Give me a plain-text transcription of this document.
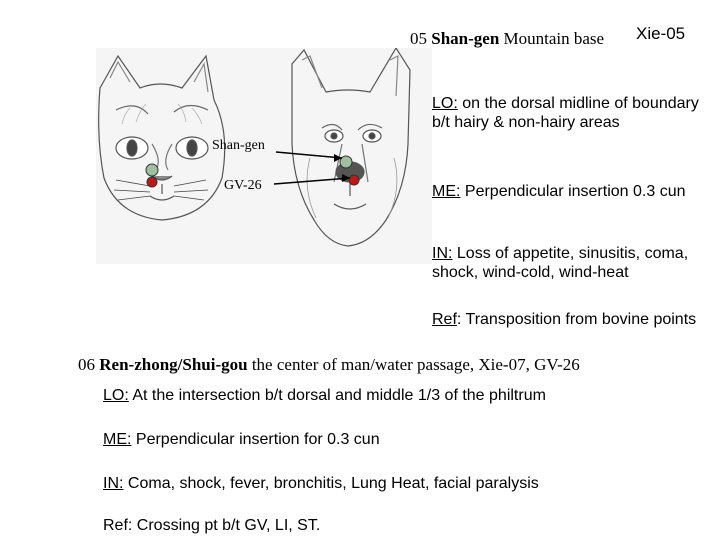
05 Shan-gen Mountain base Xie-05
Shan-gen
GV-26
LO: on the dorsal midline of boundary b/t hairy & non-hairy areas
ME: Perpendicular insertion 0.3 cun
IN: Loss of appetite, sinusitis, coma, shock, wind-cold, wind-heat
Ref: Transposition from bovine points
06 Ren-zhong/Shui-gou the center of man/water passage, Xie-07, GV-26
LO: At the intersection b/t dorsal and middle 1/3 of the philtrum
ME: Perpendicular insertion for 0.3 cun
IN: Coma, shock, fever, bronchitis, Lung Heat, facial paralysis
Ref: Crossing pt b/t GV, LI, ST.
